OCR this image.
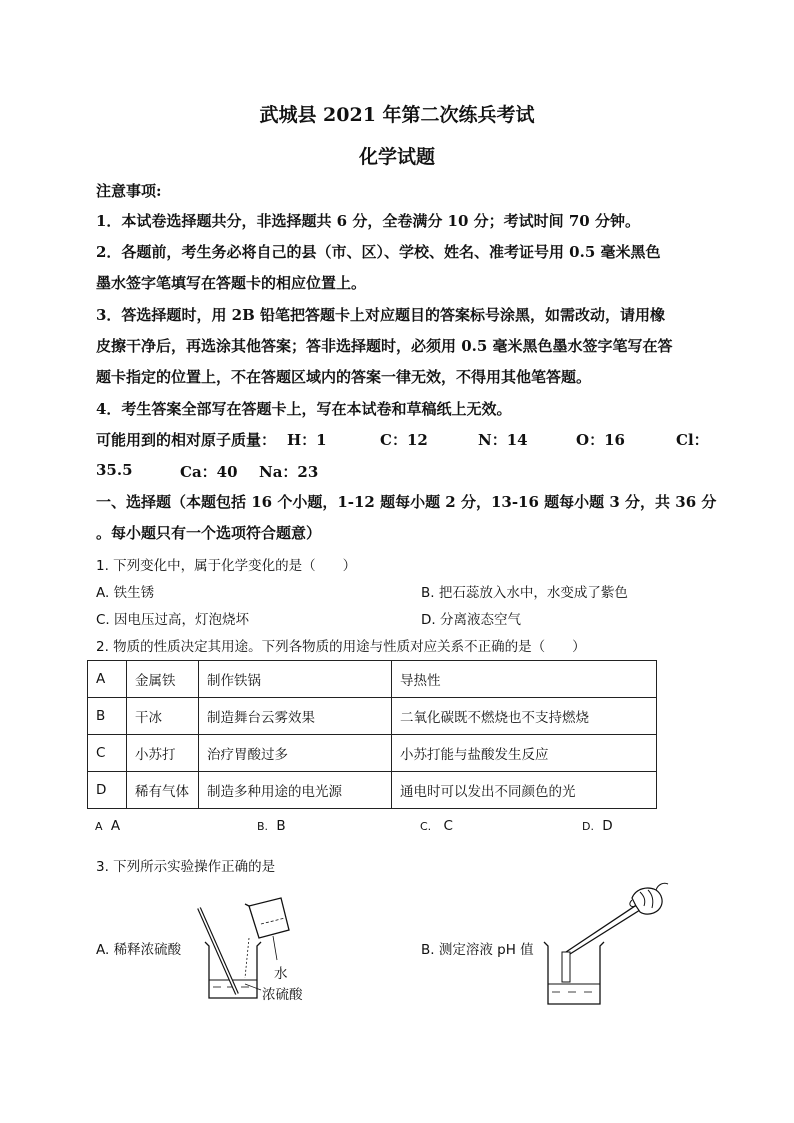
武城县 2021 年第二次练兵考试
化学试题
注意事项:
1．本试卷选择题共分，非选择题共 6 分，全卷满分 10 分；考试时间 70 分钟。
2．各题前，考生务必将自己的县（市、区）、学校、姓名、准考证号用 0.5 毫米黑色
墨水签字笔填写在答题卡的相应位置上。
3．答选择题时，用 2B 铅笔把答题卡上对应题目的答案标号涂黑，如需改动，请用橡
皮擦干净后，再选涂其他答案；答非选择题时，必须用 0.5 毫米黑色墨水签字笔写在答
题卡指定的位置上，不在答题区域内的答案一律无效，不得用其他笔答题。
4．考生答案全部写在答题卡上，写在本试卷和草稿纸上无效。
可能用到的相对原子质量： H：1	C：12	N：14	O：16	Cl：
35.5	Ca：40 Na：23
一、选择题（本题包括 16 个小题，1-12 题每小题 2 分，13-16 题每小题 3 分，共 36 分
。每小题只有一个选项符合题意）
1. 下列变化中，属于化学变化的是（　　）
A. 铁生锈	B. 把石蕊放入水中，水变成了紫色
C. 因电压过高，灯泡烧坏	D. 分离液态空气
2. 物质的性质决定其用途。下列各物质的用途与性质对应关系不正确的是（　　）
A	金属铁	制作铁锅	导热性
B	干冰	制造舞台云雾效果	二氧化碳既不燃烧也不支持燃烧
C	小苏打	治疗胃酸过多	小苏打能与盐酸发生反应
D	稀有气体	制造多种用途的电光源	通电时可以发出不同颜色的光
A A	B. B	C. C	D. D
3. 下列所示实验操作正确的是
A. 稀释浓硫酸	B. 测定溶液 pH 值
水
浓硫酸
